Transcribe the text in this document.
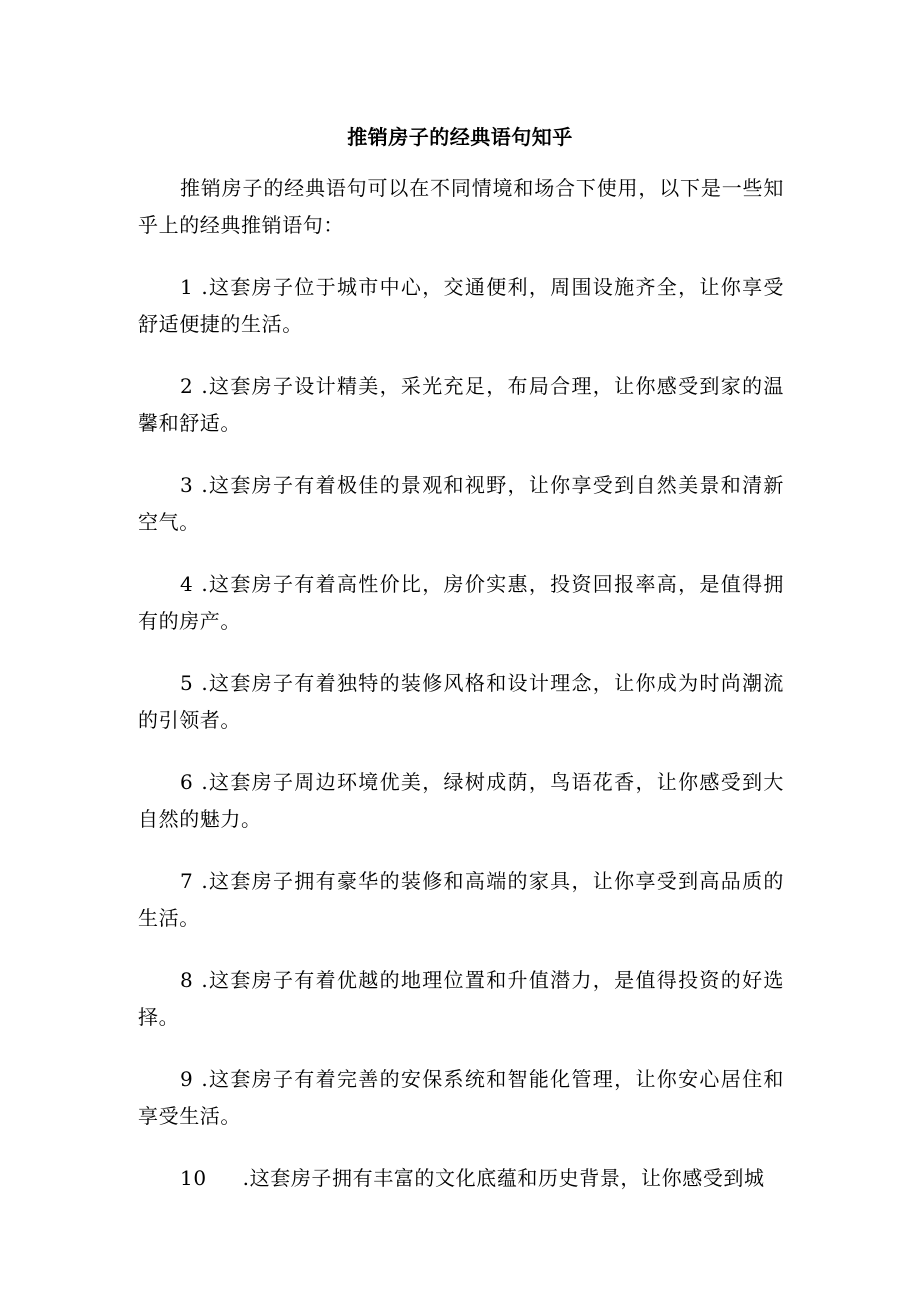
推销房子的经典语句知乎

推销房子的经典语句可以在不同情境和场合下使用，以下是一些知乎上的经典推销语句：

1 .这套房子位于城市中心，交通便利，周围设施齐全，让你享受舒适便捷的生活。

2 .这套房子设计精美，采光充足，布局合理，让你感受到家的温馨和舒适。

3 .这套房子有着极佳的景观和视野，让你享受到自然美景和清新空气。

4 .这套房子有着高性价比，房价实惠，投资回报率高，是值得拥有的房产。

5 .这套房子有着独特的装修风格和设计理念，让你成为时尚潮流的引领者。

6 .这套房子周边环境优美，绿树成荫，鸟语花香，让你感受到大自然的魅力。

7 .这套房子拥有豪华的装修和高端的家具，让你享受到高品质的生活。

8 .这套房子有着优越的地理位置和升值潜力，是值得投资的好选择。

9 .这套房子有着完善的安保系统和智能化管理，让你安心居住和享受生活。

10 .这套房子拥有丰富的文化底蕴和历史背景，让你感受到城
